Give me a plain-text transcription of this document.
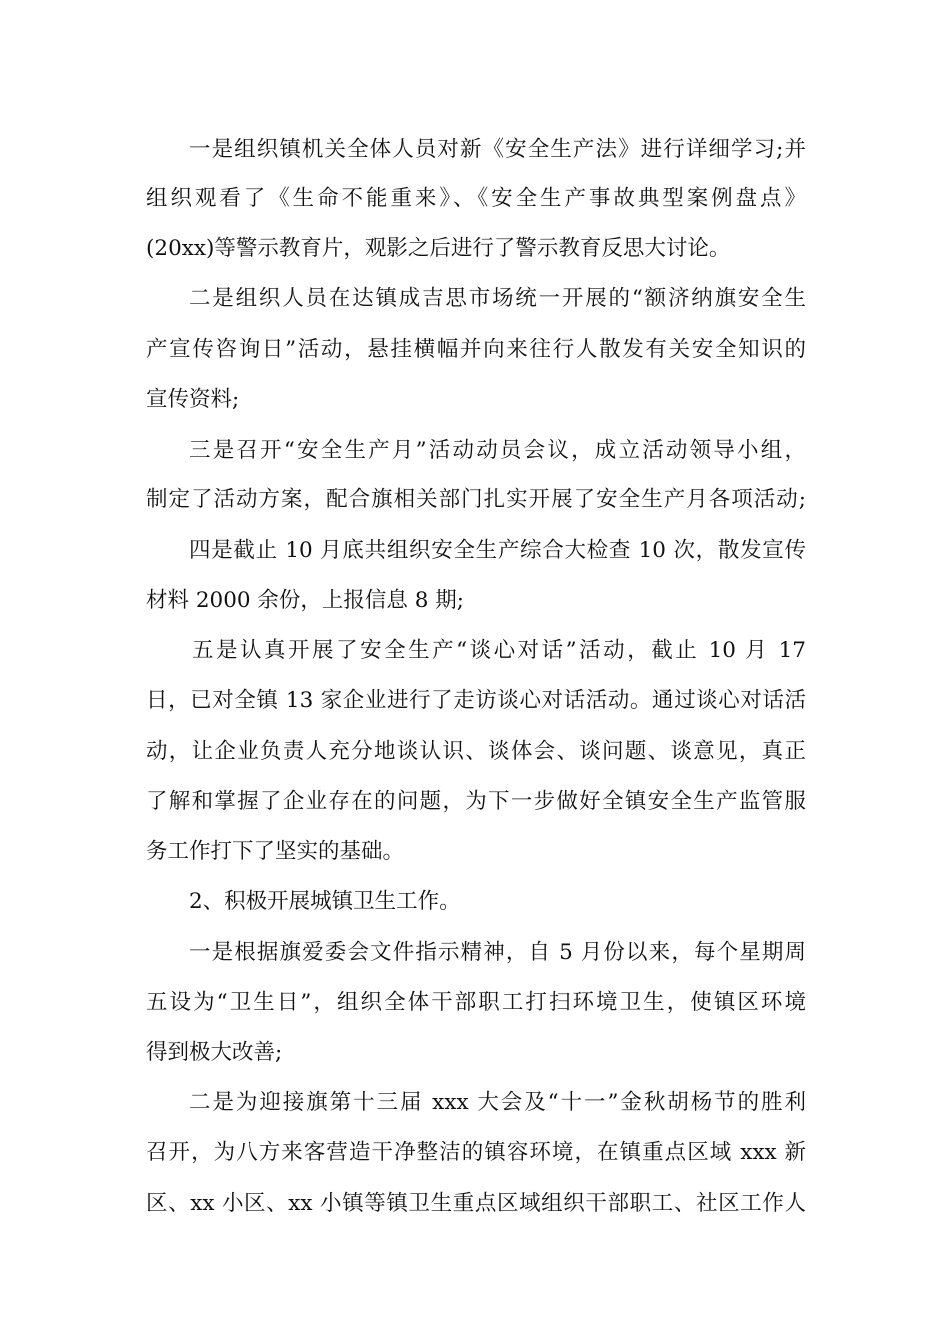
一是组织镇机关全体人员对新《安全生产法》进行详细学习;并
组织观看了《生命不能重来》、《安全生产事故典型案例盘点》
(20xx)等警示教育片，观影之后进行了警示教育反思大讨论。
二是组织人员在达镇成吉思市场统一开展的“额济纳旗安全生
产宣传咨询日”活动，悬挂横幅并向来往行人散发有关安全知识的
宣传资料;
三是召开“安全生产月”活动动员会议，成立活动领导小组，
制定了活动方案，配合旗相关部门扎实开展了安全生产月各项活动;
四是截止 10 月底共组织安全生产综合大检查 10 次，散发宣传
材料 2000 余份，上报信息 8 期;
五是认真开展了安全生产“谈心对话”活动，截止 10 月 17
日，已对全镇 13 家企业进行了走访谈心对话活动。通过谈心对话活
动，让企业负责人充分地谈认识、谈体会、谈问题、谈意见，真正
了解和掌握了企业存在的问题，为下一步做好全镇安全生产监管服
务工作打下了坚实的基础。
2、积极开展城镇卫生工作。
一是根据旗爱委会文件指示精神，自 5 月份以来，每个星期周
五设为“卫生日”，组织全体干部职工打扫环境卫生，使镇区环境
得到极大改善;
二是为迎接旗第十三届 xxx 大会及“十一”金秋胡杨节的胜利
召开，为八方来客营造干净整洁的镇容环境，在镇重点区域 xxx 新
区、xx 小区、xx 小镇等镇卫生重点区域组织干部职工、社区工作人
